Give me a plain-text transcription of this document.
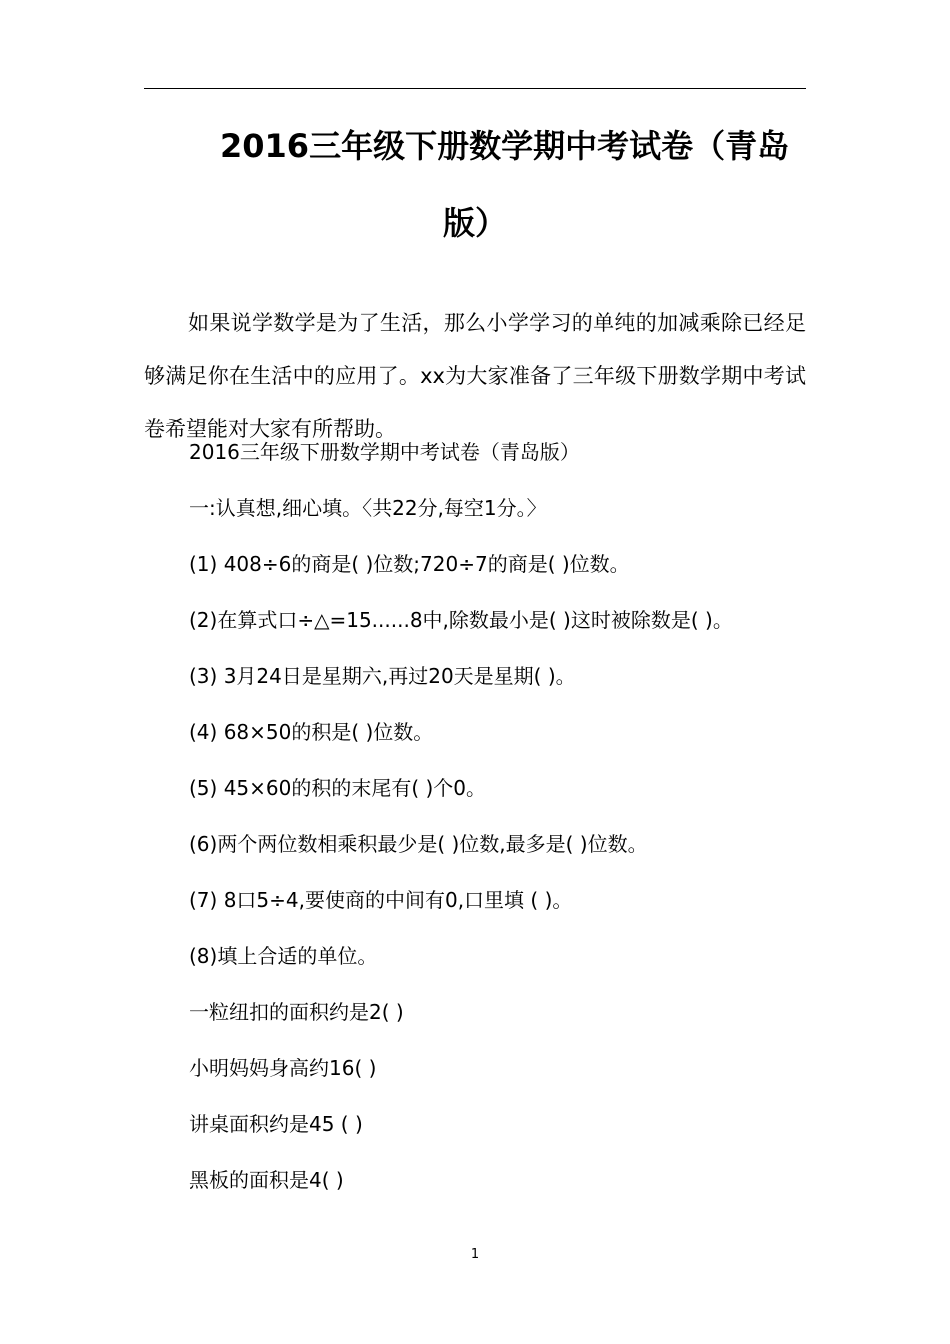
2016三年级下册数学期中考试卷（青岛
版）

如果说学数学是为了生活，那么小学学习的单纯的加减乘除已经足够满足你在生活中的应用了。xx为大家准备了三年级下册数学期中考试卷希望能对大家有所帮助。

2016三年级下册数学期中考试卷（青岛版）
一:认真想,细心填。〈共22分,每空1分。〉
(1) 408÷6的商是( )位数;720÷7的商是( )位数。
(2)在算式口÷△=15......8中,除数最小是( )这时被除数是( )。
(3) 3月24日是星期六,再过20天是星期( )。
(4) 68×50的积是( )位数。
(5) 45×60的积的末尾有( )个0。
(6)两个两位数相乘积最少是( )位数,最多是( )位数。
(7) 8口5÷4,要使商的中间有0,口里填 ( )。
(8)填上合适的单位。
一粒纽扣的面积约是2( )
小明妈妈身高约16( )
讲桌面积约是45 ( )
黑板的面积是4( )
1
